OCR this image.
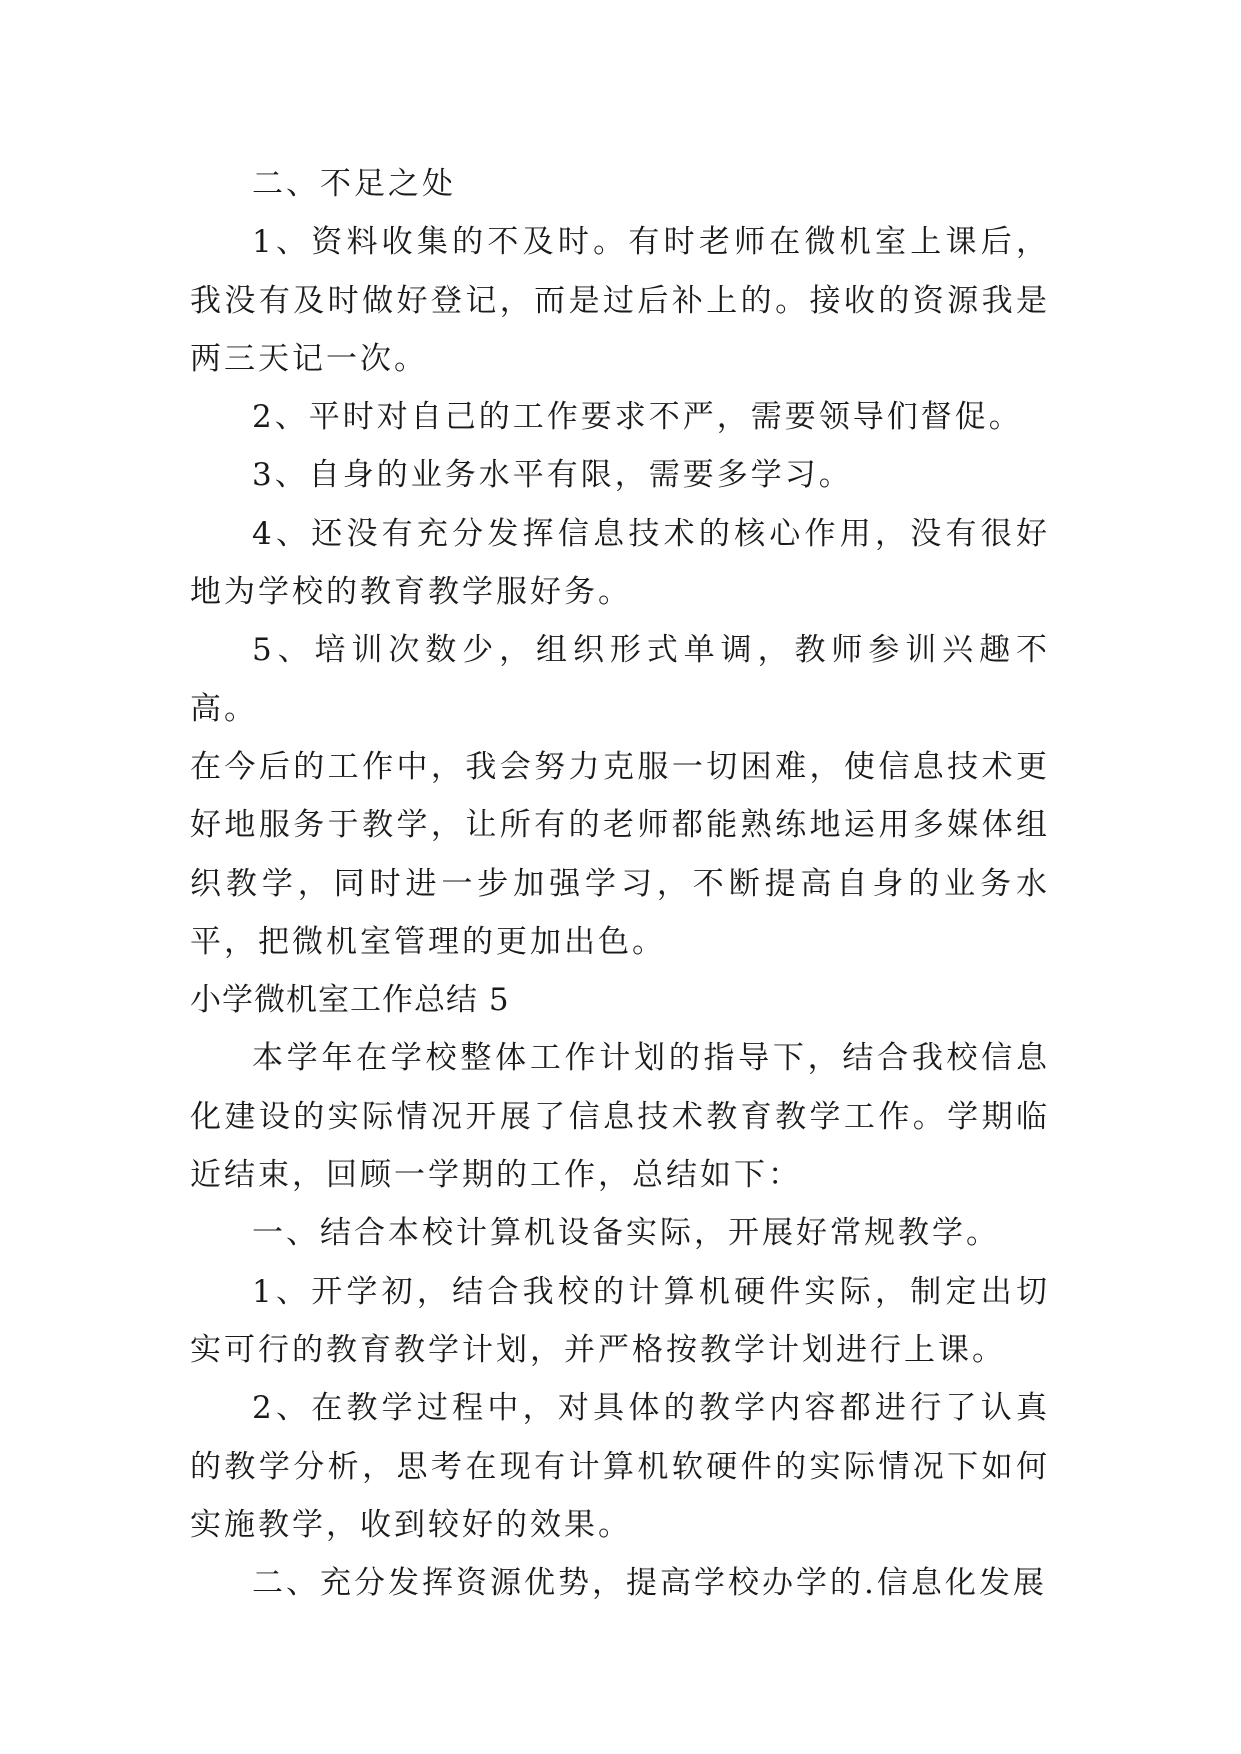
二、不足之处

1、资料收集的不及时。有时老师在微机室上课后，我没有及时做好登记，而是过后补上的。接收的资源我是两三天记一次。

2、平时对自己的工作要求不严，需要领导们督促。

3、自身的业务水平有限，需要多学习。

4、还没有充分发挥信息技术的核心作用，没有很好地为学校的教育教学服好务。

5、培训次数少，组织形式单调，教师参训兴趣不高。

在今后的工作中，我会努力克服一切困难，使信息技术更好地服务于教学，让所有的老师都能熟练地运用多媒体组织教学，同时进一步加强学习，不断提高自身的业务水平，把微机室管理的更加出色。

小学微机室工作总结 5

本学年在学校整体工作计划的指导下，结合我校信息化建设的实际情况开展了信息技术教育教学工作。学期临近结束，回顾一学期的工作，总结如下：

一、结合本校计算机设备实际，开展好常规教学。

1、开学初，结合我校的计算机硬件实际，制定出切实可行的教育教学计划，并严格按教学计划进行上课。

2、在教学过程中，对具体的教学内容都进行了认真的教学分析，思考在现有计算机软硬件的实际情况下如何实施教学，收到较好的效果。

二、充分发挥资源优势，提高学校办学的.信息化发展
